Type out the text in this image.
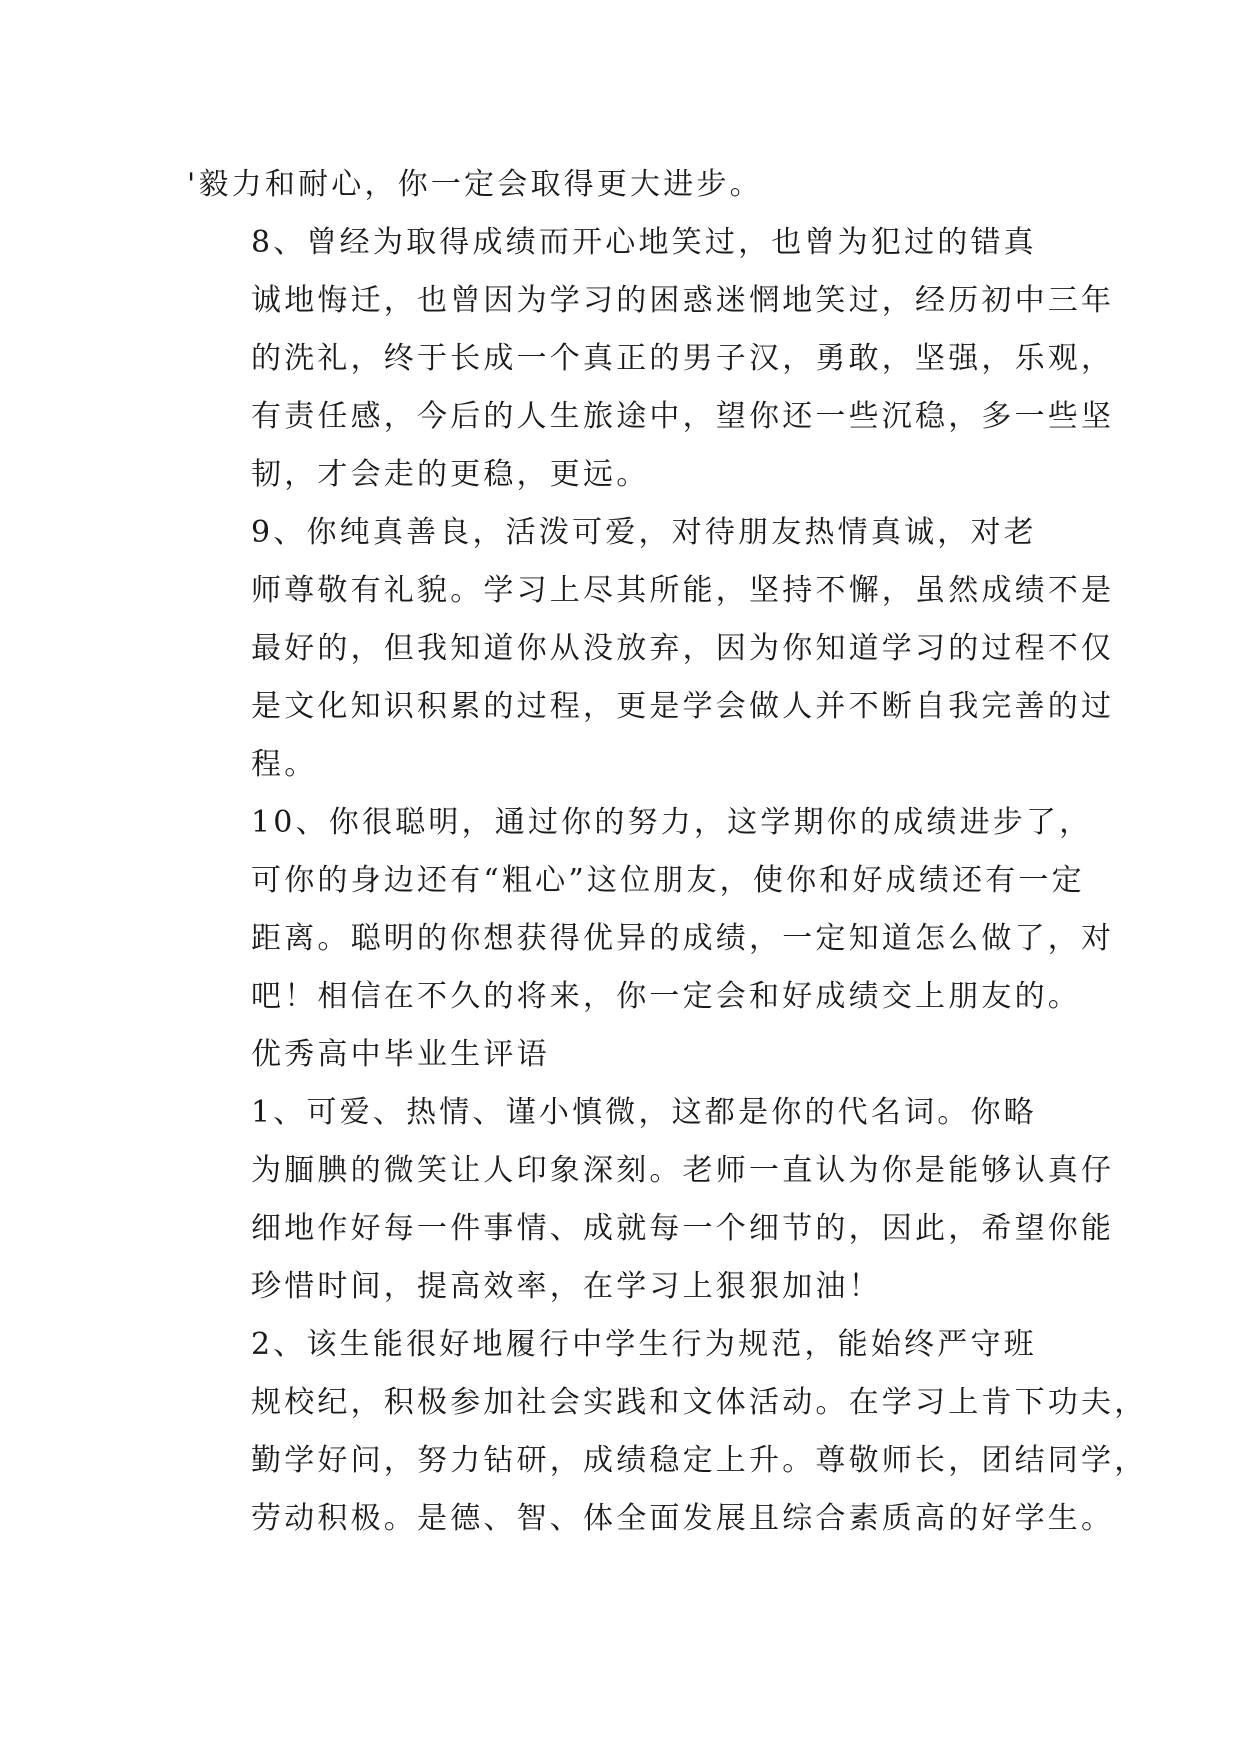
'毅力和耐心，你一定会取得更大进步。

8、曾经为取得成绩而开心地笑过，也曾为犯过的错真
诚地悔迁，也曾因为学习的困惑迷惘地笑过，经历初中三年
的洗礼，终于长成一个真正的男子汉，勇敢，坚强，乐观，
有责任感，今后的人生旅途中，望你还一些沉稳，多一些坚
韧，才会走的更稳，更远。

9、你纯真善良，活泼可爱，对待朋友热情真诚，对老
师尊敬有礼貌。学习上尽其所能，坚持不懈，虽然成绩不是
最好的，但我知道你从没放弃，因为你知道学习的过程不仅
是文化知识积累的过程，更是学会做人并不断自我完善的过
程。

10、你很聪明，通过你的努力，这学期你的成绩进步了，
可你的身边还有“粗心”这位朋友，使你和好成绩还有一定
距离。聪明的你想获得优异的成绩，一定知道怎么做了，对
吧！相信在不久的将来，你一定会和好成绩交上朋友的。

优秀高中毕业生评语

1、可爱、热情、谨小慎微，这都是你的代名词。你略
为腼腆的微笑让人印象深刻。老师一直认为你是能够认真仔
细地作好每一件事情、成就每一个细节的，因此，希望你能
珍惜时间，提高效率，在学习上狠狠加油！

2、该生能很好地履行中学生行为规范，能始终严守班
规校纪，积极参加社会实践和文体活动。在学习上肯下功夫，
勤学好问，努力钻研，成绩稳定上升。尊敬师长，团结同学，
劳动积极。是德、智、体全面发展且综合素质高的好学生。
